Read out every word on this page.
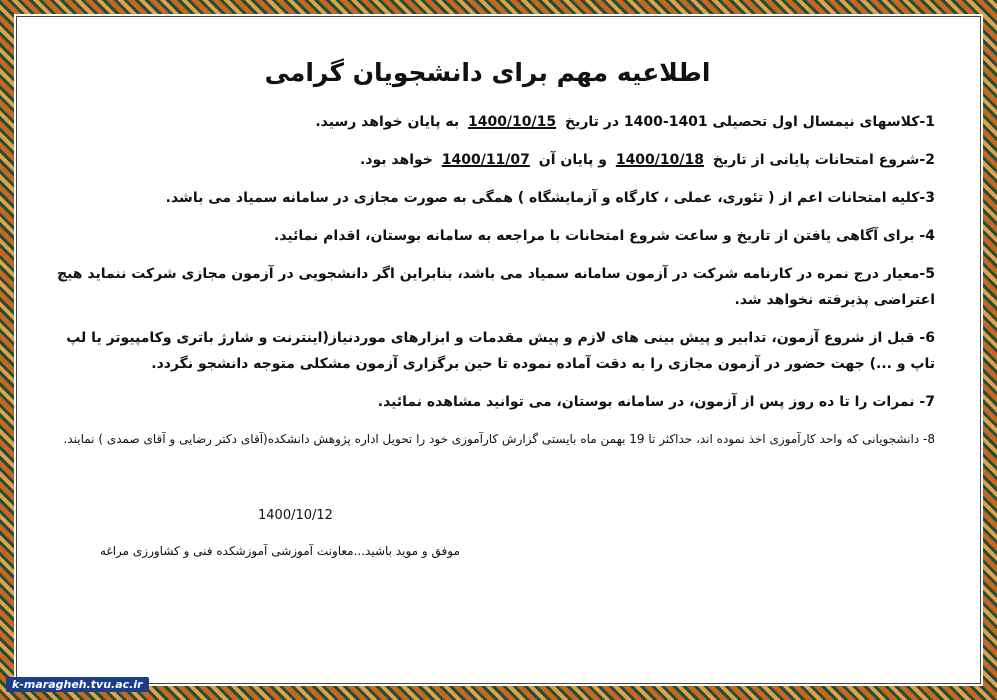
اطلاعیه مهم برای دانشجویان گرامی

1-کلاسهای نیمسال اول تحصیلی 1401-1400 در تاریخ 1400/10/15 به پایان خواهد رسید.

2-شروع امتحانات پایانی از تاریخ 1400/10/18 و پایان آن 1400/11/07 خواهد بود.

3-کلیه امتحانات اعم از ( تئوری، عملی ، کارگاه و آزمایشگاه ) همگی به صورت مجازی در سامانه سمیاد می باشد.

4- برای آگاهی یافتن از تاریخ و ساعت شروع امتحانات با مراجعه به سامانه بوستان، اقدام نمائید.

5-معیار درج نمره در کارنامه شرکت در آزمون سامانه سمیاد می باشد، بنابراین اگر دانشجویی در آزمون مجازی شرکت ننماید هیچ اعتراضی پذیرفته نخواهد شد.

6- قبل از شروع آزمون، تدابیر و پیش بینی های لازم و پیش مقدمات و ابزارهای موردنیاز(اینترنت و شارژ باتری وکامپیوتر یا لپ تاپ و ...) جهت حضور در آزمون مجازی را به دقت آماده نموده تا حین برگزاری آزمون مشکلی متوجه دانشجو نگردد.

7- نمرات را تا ده روز پس از آزمون، در سامانه بوستان، می توانید مشاهده نمائید.

8- دانشجویانی که واحد کارآموزی اخذ نموده اند، حداکثر تا 19 بهمن ماه بایستی گزارش کارآموزی خود را تحویل اداره پژوهش دانشکده(آقای دکتر رضایی و آقای صمدی ) نمایند.

1400/10/12
موفق و موید باشید...معاونت آموزشی آموزشکده فنی و کشاورزی مراغه
k-maragheh.tvu.ac.ir
